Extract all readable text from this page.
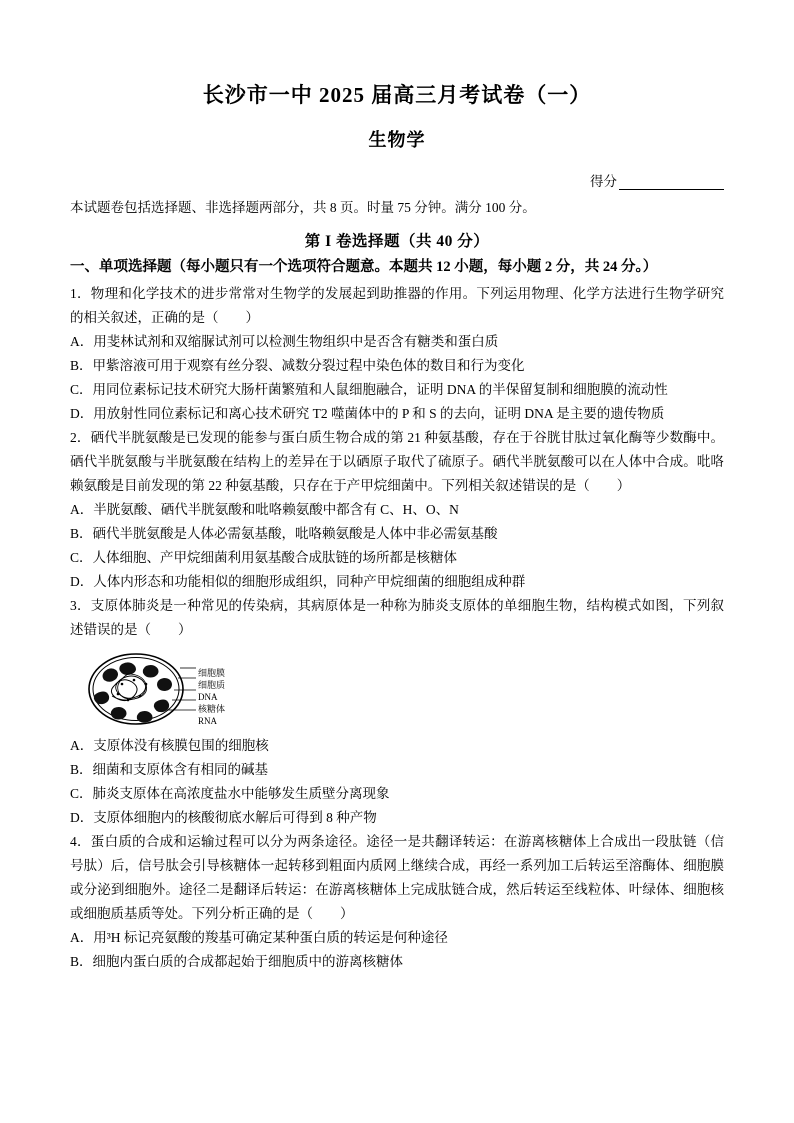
长沙市一中 2025 届高三月考试卷（一）
生物学
得分
本试题卷包括选择题、非选择题两部分，共 8 页。时量 75 分钟。满分 100 分。
第 I 卷选择题（共 40 分）
一、单项选择题（每小题只有一个选项符合题意。本题共 12 小题，每小题 2 分，共 24 分。）

1．物理和化学技术的进步常常对生物学的发展起到助推器的作用。下列运用物理、化学方法进行生物学研究的相关叙述，正确的是（　　）

A．用斐林试剂和双缩脲试剂可以检测生物组织中是否含有糖类和蛋白质

B．甲紫溶液可用于观察有丝分裂、减数分裂过程中染色体的数目和行为变化

C．用同位素标记技术研究大肠杆菌繁殖和人鼠细胞融合，证明 DNA 的半保留复制和细胞膜的流动性

D．用放射性同位素标记和离心技术研究 T2 噬菌体中的 P 和 S 的去向，证明 DNA 是主要的遗传物质

2．硒代半胱氨酸是已发现的能参与蛋白质生物合成的第 21 种氨基酸，存在于谷胱甘肽过氧化酶等少数酶中。硒代半胱氨酸与半胱氨酸在结构上的差异在于以硒原子取代了硫原子。硒代半胱氨酸可以在人体中合成。吡咯赖氨酸是目前发现的第 22 种氨基酸，只存在于产甲烷细菌中。下列相关叙述错误的是（　　）

A．半胱氨酸、硒代半胱氨酸和吡咯赖氨酸中都含有 C、H、O、N

B．硒代半胱氨酸是人体必需氨基酸，吡咯赖氨酸是人体中非必需氨基酸

C．人体细胞、产甲烷细菌利用氨基酸合成肽链的场所都是核糖体

D．人体内形态和功能相似的细胞形成组织，同种产甲烷细菌的细胞组成种群

3．支原体肺炎是一种常见的传染病，其病原体是一种称为肺炎支原体的单细胞生物，结构模式如图，下列叙述错误的是（　　）

细胞膜
细胞质
DNA
核糖体
RNA

A．支原体没有核膜包围的细胞核

B．细菌和支原体含有相同的碱基

C．肺炎支原体在高浓度盐水中能够发生质壁分离现象

D．支原体细胞内的核酸彻底水解后可得到 8 种产物

4．蛋白质的合成和运输过程可以分为两条途径。途径一是共翻译转运：在游离核糖体上合成出一段肽链（信号肽）后，信号肽会引导核糖体一起转移到粗面内质网上继续合成，再经一系列加工后转运至溶酶体、细胞膜或分泌到细胞外。途径二是翻译后转运：在游离核糖体上完成肽链合成，然后转运至线粒体、叶绿体、细胞核或细胞质基质等处。下列分析正确的是（　　）

A．用³H 标记亮氨酸的羧基可确定某种蛋白质的转运是何种途径

B．细胞内蛋白质的合成都起始于细胞质中的游离核糖体
